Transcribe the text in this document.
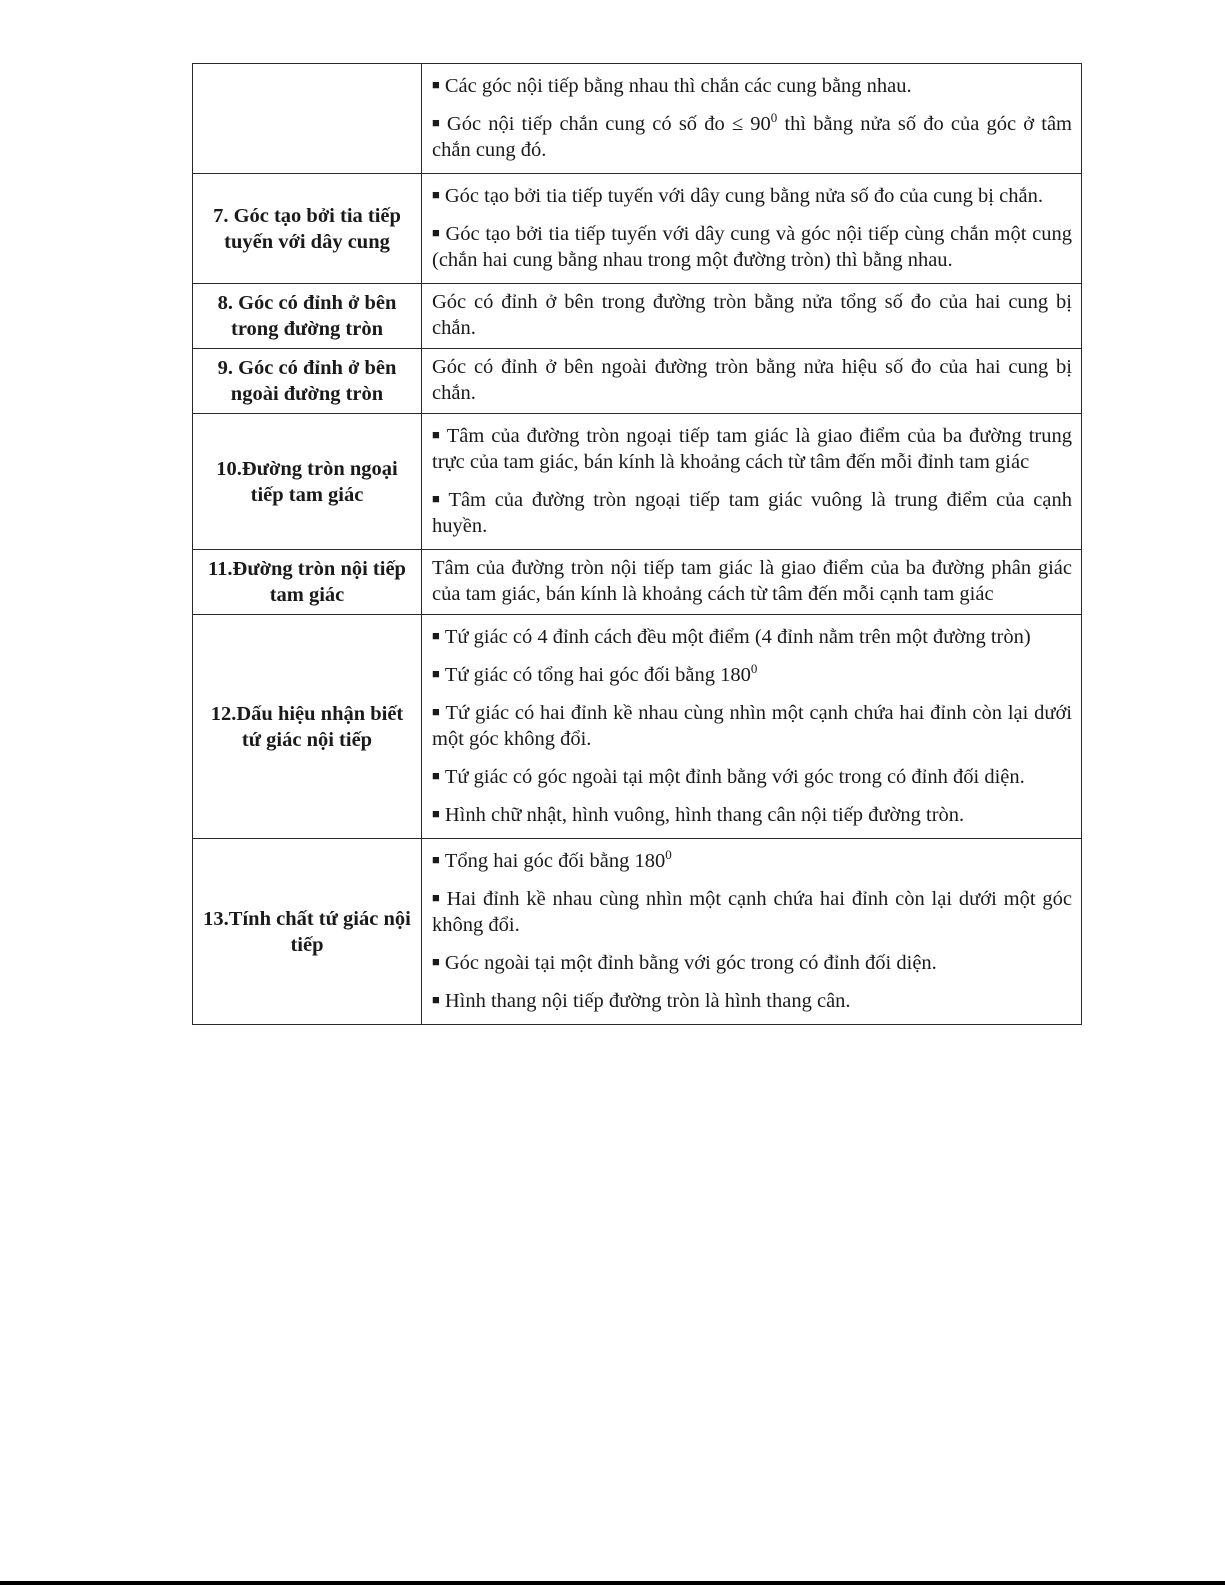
	■ Các góc nội tiếp bằng nhau thì chắn các cung bằng nhau.
■ Góc nội tiếp chắn cung có số đo ≤ $90^0$ thì bằng nửa số đo của góc ở tâm chắn cung đó.

7. Góc tạo bởi tia tiếp tuyến với dây cung	■ Góc tạo bởi tia tiếp tuyến với dây cung bằng nửa số đo của cung bị chắn.
■ Góc tạo bởi tia tiếp tuyến với dây cung và góc nội tiếp cùng chắn một cung (chắn hai cung bằng nhau trong một đường tròn) thì bằng nhau.

8. Góc có đỉnh ở bên trong đường tròn	Góc có đỉnh ở bên trong đường tròn bằng nửa tổng số đo của hai cung bị chắn.
9. Góc có đỉnh ở bên ngoài đường tròn	Góc có đỉnh ở bên ngoài đường tròn bằng nửa hiệu số đo của hai cung bị chắn.
10.Đường tròn ngoại tiếp tam giác	■ Tâm của đường tròn ngoại tiếp tam giác là giao điểm của ba đường trung trực của tam giác, bán kính là khoảng cách từ tâm đến mỗi đỉnh tam giác
■ Tâm của đường tròn ngoại tiếp tam giác vuông là trung điểm của cạnh huyền.

11.Đường tròn nội tiếp tam giác	Tâm của đường tròn nội tiếp tam giác là giao điểm của ba đường phân giác của tam giác, bán kính là khoảng cách từ tâm đến mỗi cạnh tam giác
12.Dấu hiệu nhận biết tứ giác nội tiếp	■ Tứ giác có 4 đỉnh cách đều một điểm (4 đỉnh nằm trên một đường tròn)
■ Tứ giác có tổng hai góc đối bằng $180^0$
■ Tứ giác có hai đỉnh kề nhau cùng nhìn một cạnh chứa hai đỉnh còn lại dưới một góc không đổi.
■ Tứ giác có góc ngoài tại một đỉnh bằng với góc trong có đỉnh đối diện.
■ Hình chữ nhật, hình vuông, hình thang cân nội tiếp đường tròn.

13.Tính chất tứ giác nội tiếp	■ Tổng hai góc đối bằng $180^0$
■ Hai đỉnh kề nhau cùng nhìn một cạnh chứa hai đỉnh còn lại dưới một góc không đổi.
■ Góc ngoài tại một đỉnh bằng với góc trong có đỉnh đối diện.
■ Hình thang nội tiếp đường tròn là hình thang cân.
